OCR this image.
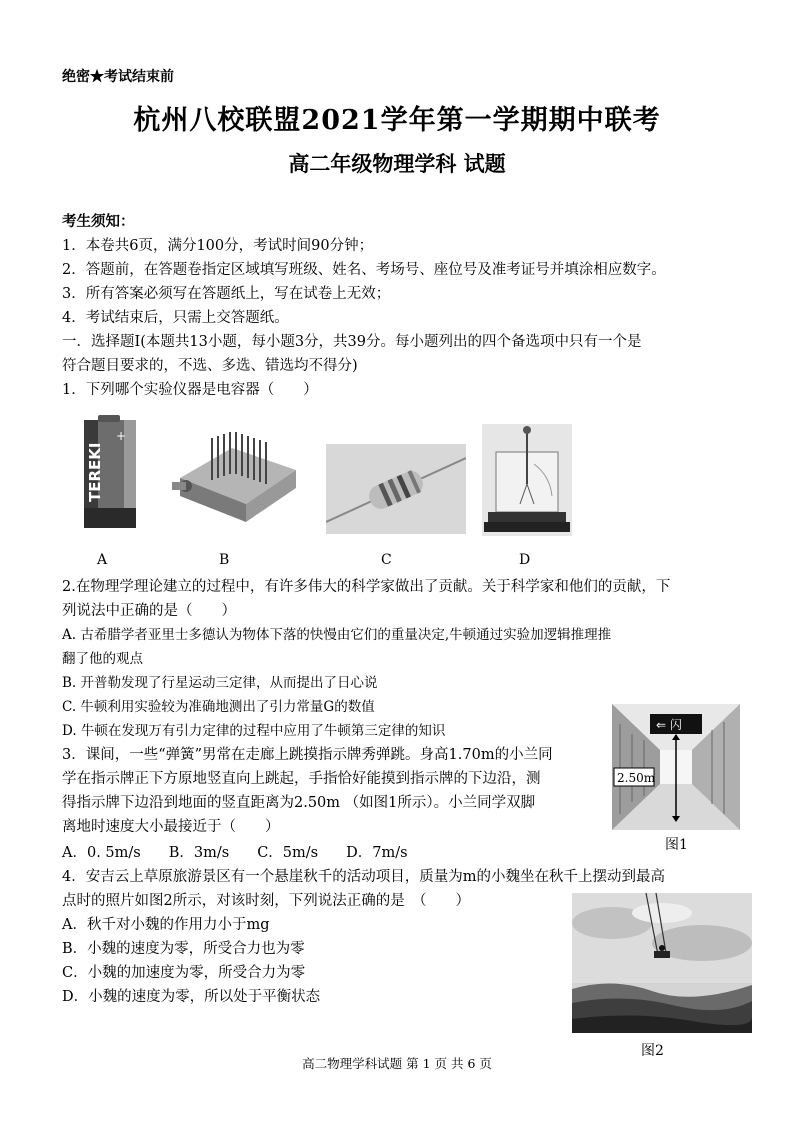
绝密★考试结束前
杭州八校联盟2021学年第一学期期中联考
高二年级物理学科 试题
考生须知：
1．本卷共6页，满分100分，考试时间90分钟；
2．答题前，在答题卷指定区域填写班级、姓名、考场号、座位号及准考证号并填涂相应数字。
3．所有答案必须写在答题纸上，写在试卷上无效；
4．考试结束后，只需上交答题纸。
一．选择题Ⅰ(本题共13小题，每小题3分，共39分。每小题列出的四个备选项中只有一个是
符合题目要求的，不选、多选、错选均不得分)
1．下列哪个实验仪器是电容器（　　）
+
TEREKI
A	B	C	D
2.在物理学理论建立的过程中，有许多伟大的科学家做出了贡献。关于科学家和他们的贡献，下
列说法中正确的是（　　）
A. 古希腊学者亚里士多德认为物体下落的快慢由它们的重量决定,牛顿通过实验加逻辑推理推
翻了他的观点
B. 开普勒发现了行星运动三定律，从而提出了日心说
C. 牛顿利用实验较为准确地测出了引力常量G的数值
D. 牛顿在发现万有引力定律的过程中应用了牛顿第三定律的知识
3．课间，一些“弹簧”男常在走廊上跳摸指示牌秀弹跳。身高1.70m的小兰同
学在指示牌正下方原地竖直向上跳起，手指恰好能摸到指示牌的下边沿，测
得指示牌下边沿到地面的竖直距离为2.50m （如图1所示）。小兰同学双脚
离地时速度大小最接近于（　　）
A．0. 5m/s B．3m/s C．5m/s D．7m/s
⇐ 闪
2.50m
图1
4．安吉云上草原旅游景区有一个悬崖秋千的活动项目，质量为m的小魏坐在秋千上摆动到最高
点时的照片如图2所示，对该时刻，下列说法正确的是　（　　）
A．秋千对小魏的作用力小于mg
B．小魏的速度为零，所受合力也为零
C．小魏的加速度为零，所受合力为零
D．小魏的速度为零，所以处于平衡状态
图2
高二物理学科试题 第 1 页 共 6 页
